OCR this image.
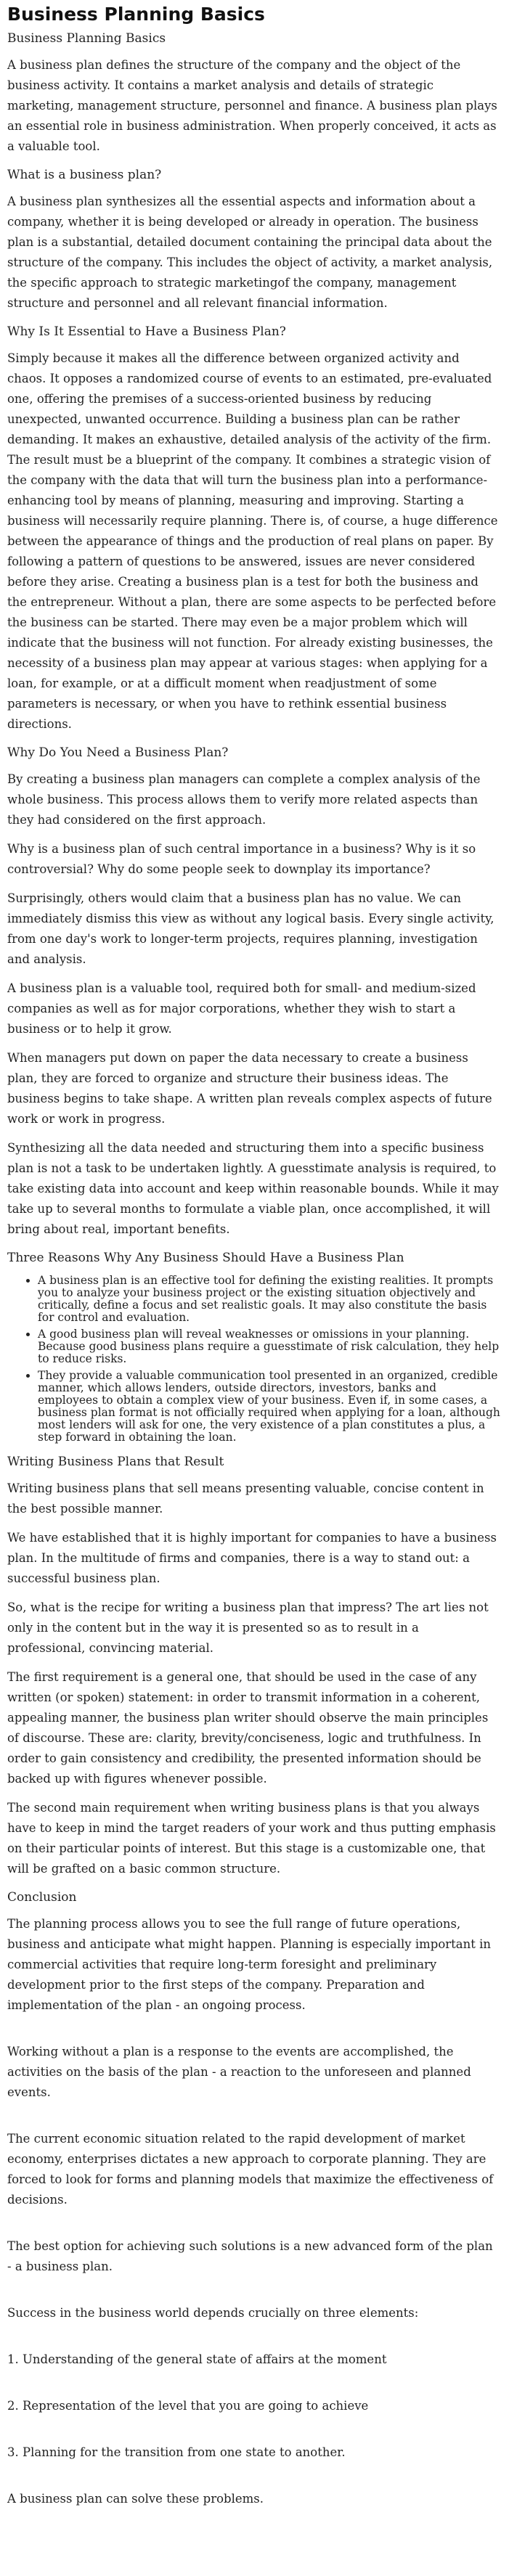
Business Planning Basics
Business Planning Basics

A business plan defines the structure of the company and the object of the business activity. It contains a market analysis and details of strategic marketing, management structure, personnel and finance. A business plan plays an essential role in business administration. When properly conceived, it acts as a valuable tool.

What is a business plan?

A business plan synthesizes all the essential aspects and information about a company, whether it is being developed or already in operation. The business plan is a substantial, detailed document containing the principal data about the structure of the company. This includes the object of activity, a market analysis, the specific approach to strategic marketingof the company, management structure and personnel and all relevant financial information.

Why Is It Essential to Have a Business Plan?

Simply because it makes all the difference between organized activity and chaos. It opposes a randomized course of events to an estimated, pre-evaluated one, offering the premises of a success-oriented business by reducing unexpected, unwanted occurrence. Building a business plan can be rather demanding. It makes an exhaustive, detailed analysis of the activity of the firm. The result must be a blueprint of the company. It combines a strategic vision of the company with the data that will turn the business plan into a performance-enhancing tool by means of planning, measuring and improving. Starting a business will necessarily require planning. There is, of course, a huge difference between the appearance of things and the production of real plans on paper. By following a pattern of questions to be answered, issues are never considered before they arise. Creating a business plan is a test for both the business and the entrepreneur. Without a plan, there are some aspects to be perfected before the business can be started. There may even be a major problem which will indicate that the business will not function. For already existing businesses, the necessity of a business plan may appear at various stages: when applying for a loan, for example, or at a difficult moment when readjustment of some parameters is necessary, or when you have to rethink essential business directions.

Why Do You Need a Business Plan?

By creating a business plan managers can complete a complex analysis of the whole business. This process allows them to verify more related aspects than they had considered on the first approach.

Why is a business plan of such central importance in a business? Why is it so controversial? Why do some people seek to downplay its importance?

Surprisingly, others would claim that a business plan has no value. We can immediately dismiss this view as without any logical basis. Every single activity, from one day's work to longer-term projects, requires planning, investigation and analysis.

A business plan is a valuable tool, required both for small- and medium-sized companies as well as for major corporations, whether they wish to start a business or to help it grow.

When managers put down on paper the data necessary to create a business plan, they are forced to organize and structure their business ideas. The business begins to take shape. A written plan reveals complex aspects of future work or work in progress.

Synthesizing all the data needed and structuring them into a specific business plan is not a task to be undertaken lightly. A guesstimate analysis is required, to take existing data into account and keep within reasonable bounds. While it may take up to several months to formulate a viable plan, once accomplished, it will bring about real, important benefits.

Three Reasons Why Any Business Should Have a Business Plan
• A business plan is an effective tool for defining the existing realities. It prompts you to analyze your business project or the existing situation objectively and critically, define a focus and set realistic goals. It may also constitute the basis for control and evaluation.
• A good business plan will reveal weaknesses or omissions in your planning. Because good business plans require a guesstimate of risk calculation, they help to reduce risks.
• They provide a valuable communication tool presented in an organized, credible manner, which allows lenders, outside directors, investors, banks and employees to obtain a complex view of your business. Even if, in some cases, a business plan format is not officially required when applying for a loan, although most lenders will ask for one, the very existence of a plan constitutes a plus, a step forward in obtaining the loan.
Writing Business Plans that Result

Writing business plans that sell means presenting valuable, concise content in the best possible manner.

We have established that it is highly important for companies to have a business plan. In the multitude of firms and companies, there is a way to stand out: a successful business plan.

So, what is the recipe for writing a business plan that impress? The art lies not only in the content but in the way it is presented so as to result in a professional, convincing material.

The first requirement is a general one, that should be used in the case of any written (or spoken) statement: in order to transmit information in a coherent, appealing manner, the business plan writer should observe the main principles of discourse. These are: clarity, brevity/conciseness, logic and truthfulness. In order to gain consistency and credibility, the presented information should be backed up with figures whenever possible.

The second main requirement when writing business plans is that you always have to keep in mind the target readers of your work and thus putting emphasis on their particular points of interest. But this stage is a customizable one, that will be grafted on a basic common structure.

Conclusion

The planning process allows you to see the full range of future operations, business and anticipate what might happen. Planning is especially important in commercial activities that require long-term foresight and preliminary development prior to the first steps of the company. Preparation and implementation of the plan - an ongoing process.

Working without a plan is a response to the events are accomplished, the activities on the basis of the plan - a reaction to the unforeseen and planned events.

The current economic situation related to the rapid development of market economy, enterprises dictates a new approach to corporate planning. They are forced to look for forms and planning models that maximize the effectiveness of decisions.

The best option for achieving such solutions is a new advanced form of the plan - a business plan.

Success in the business world depends crucially on three elements:

1. Understanding of the general state of affairs at the moment

2. Representation of the level that you are going to achieve

3. Planning for the transition from one state to another.

A business plan can solve these problems.
